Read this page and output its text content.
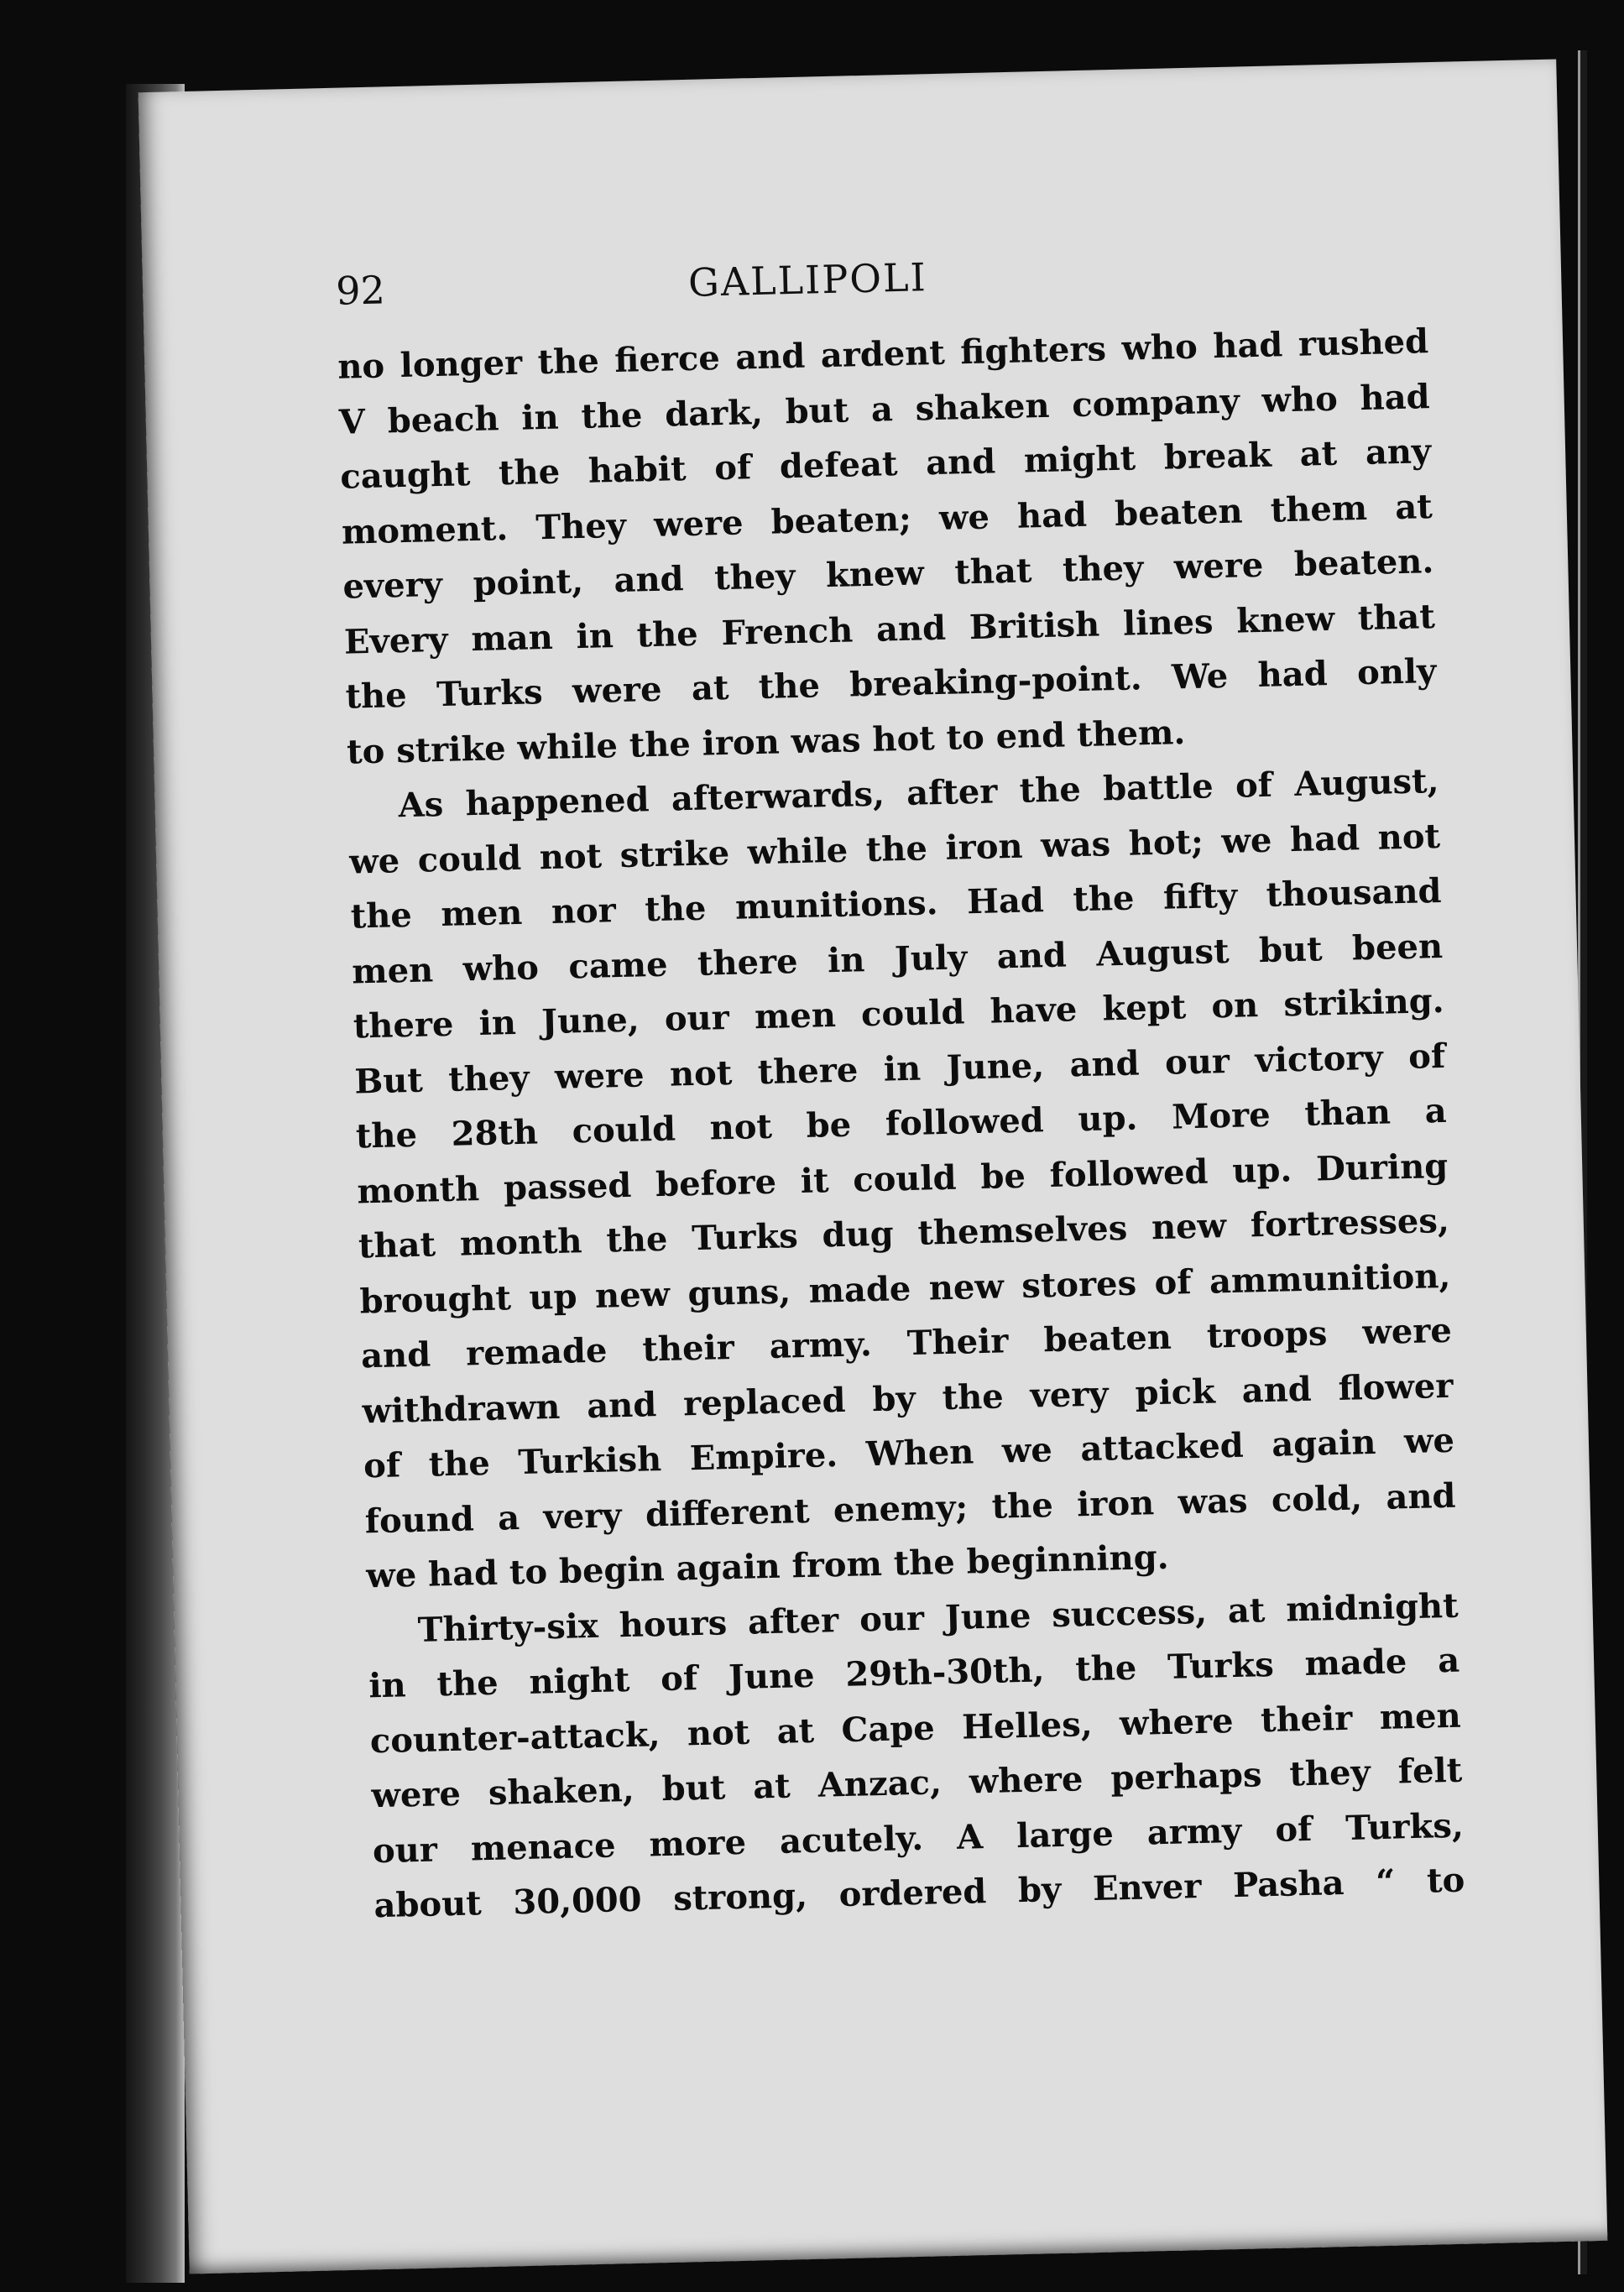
92	GALLIPOLI

no longer the fierce and ardent fighters who had rushed
V beach in the dark, but a shaken company who had
caught the habit of defeat and might break at any
moment. They were beaten; we had beaten them at
every point, and they knew that they were beaten.
Every man in the French and British lines knew that
the Turks were at the breaking-point. We had only
to strike while the iron was hot to end them.

As happened afterwards, after the battle of August,
we could not strike while the iron was hot; we had not
the men nor the munitions. Had the fifty thousand
men who came there in July and August but been
there in June, our men could have kept on striking.
But they were not there in June, and our victory of
the 28th could not be followed up. More than a
month passed before it could be followed up. During
that month the Turks dug themselves new fortresses,
brought up new guns, made new stores of ammunition,
and remade their army. Their beaten troops were
withdrawn and replaced by the very pick and flower
of the Turkish Empire. When we attacked again we
found a very different enemy; the iron was cold, and
we had to begin again from the beginning.

Thirty-six hours after our June success, at midnight
in the night of June 29th-30th, the Turks made a
counter-attack, not at Cape Helles, where their men
were shaken, but at Anzac, where perhaps they felt
our menace more acutely. A large army of Turks,
about 30,000 strong, ordered by Enver Pasha “ to
